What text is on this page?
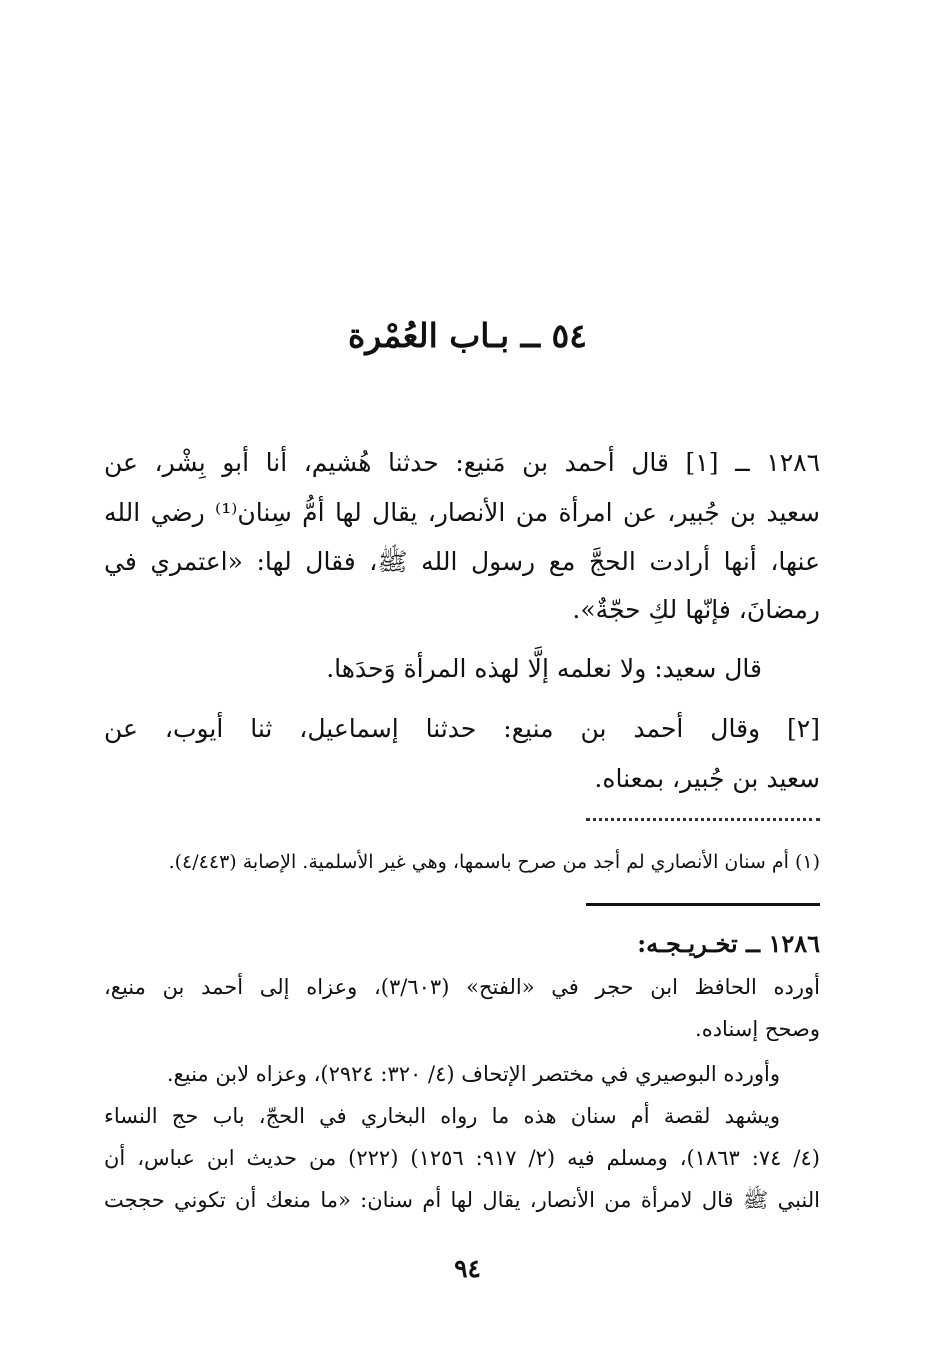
٥٤ ــ بـاب العُمْرة
١٢٨٦ ــ [١] قال أحمد بن مَنيع: حدثنا هُشيم، أنا أبو بِشْر، عن
سعيد بن جُبير، عن امرأة من الأنصار، يقال لها أمُّ سِنان⁽¹⁾ رضي الله
عنها، أنها أرادت الحجَّ مع رسول الله ﷺ، فقال لها: «اعتمري في
رمضانَ، فإنّها لكِ حجّةٌ».
قال سعيد: ولا نعلمه إلَّا لهذه المرأة وَحدَها.
[٢] وقال أحمد بن منيع: حدثنا إسماعيل، ثنا أيوب، عن
سعيد بن جُبير، بمعناه.
(١) أم سنان الأنصاري لم أجد من صرح باسمها، وهي غير الأسلمية. الإصابة (٤/٤٤٣).
١٢٨٦ ــ تخـريـجـه:
أورده الحافظ ابن حجر في «الفتح» (٣/٦٠٣)، وعزاه إلى أحمد بن منيع،
وصحح إسناده.
وأورده البوصيري في مختصر الإتحاف (٤/ ٣٢٠: ٢٩٢٤)، وعزاه لابن منيع.
ويشهد لقصة أم سنان هذه ما رواه البخاري في الحجّ، باب حج النساء
(٤/ ٧٤: ١٨٦٣)، ومسلم فيه (٢/ ٩١٧: ١٢٥٦) (٢٢٢) من حديث ابن عباس، أن
النبي ﷺ قال لامرأة من الأنصار، يقال لها أم سنان: «ما منعك أن تكوني حججت
٩٤
